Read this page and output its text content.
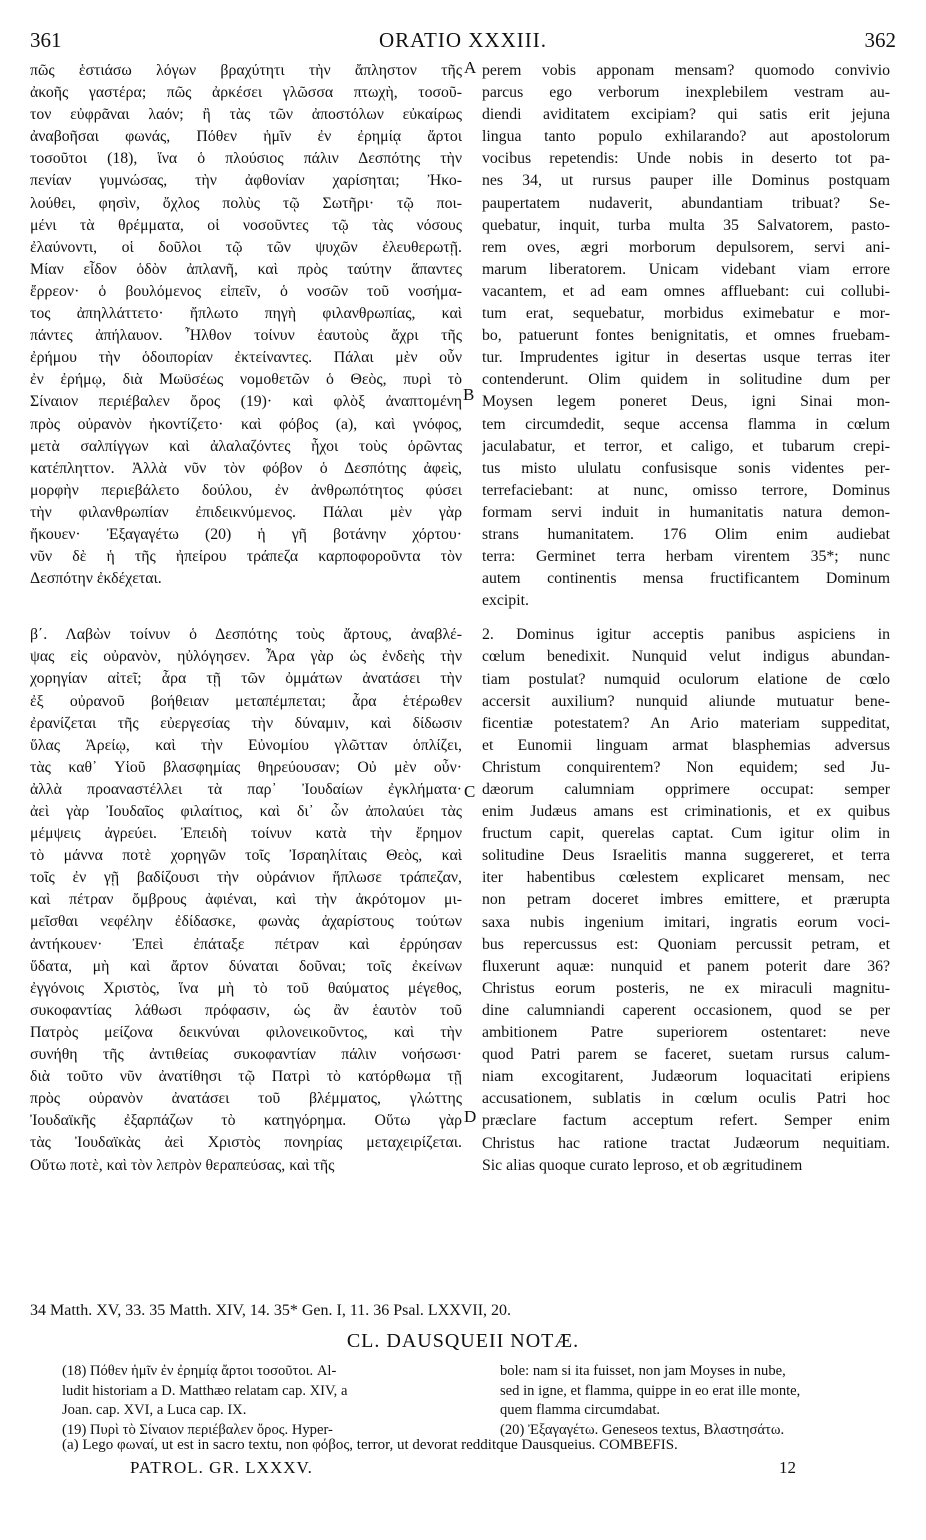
361	ORATIO XXXIII.	362
πῶς ἑστιάσω λόγων βραχύτητι τὴν ἄπληστον τῆς
ἀκοῆς γαστέρα; πῶς ἀρκέσει γλῶσσα πτωχὴ, τοσοῦ-
τον εὐφρᾶναι λαόν; ἢ τὰς τῶν ἀποστόλων εὐκαίρως
ἀναβοῆσαι φωνάς, Πόθεν ἡμῖν ἐν ἐρημίᾳ ἄρτοι
τοσοῦτοι (18), ἵνα ὁ πλούσιος πάλιν Δεσπότης τὴν
πενίαν γυμνώσας, τὴν ἀφθονίαν χαρίσηται; Ἠκο-
λούθει, φησὶν, ὄχλος πολὺς τῷ Σωτῆρι· τῷ ποι-
μένι τὰ θρέμματα, οἱ νοσοῦντες τῷ τὰς νόσους
ἐλαύνοντι, οἱ δοῦλοι τῷ τῶν ψυχῶν ἐλευθερωτῇ.
Μίαν εἶδον ὁδὸν ἀπλανῆ, καὶ πρὸς ταύτην ἅπαντες
ἔρρεον· ὁ βουλόμενος εἰπεῖν, ὁ νοσῶν τοῦ νοσήμα-
τος ἀπηλλάττετο· ἤπλωτο πηγὴ φιλανθρωπίας, καὶ
πάντες ἀπήλαυον. Ἦλθον τοίνυν ἑαυτοὺς ἄχρι τῆς
ἐρήμου τὴν ὁδοιπορίαν ἐκτείναντες. Πάλαι μὲν οὖν
ἐν ἐρήμῳ, διὰ Μωϋσέως νομοθετῶν ὁ Θεὸς, πυρὶ τὸ
Σίναιον περιέβαλεν ὄρος (19)· καὶ φλὸξ ἀναπτομένη
πρὸς οὐρανὸν ἠκοντίζετο· καὶ φόβος (a), καὶ γνόφος,
μετὰ σαλπίγγων καὶ ἀλαλαζόντες ἦχοι τοὺς ὁρῶντας
κατέπληττον. Ἀλλὰ νῦν τὸν φόβον ὁ Δεσπότης ἀφεὶς,
μορφὴν περιεβάλετο δούλου, ἐν ἀνθρωπότητος φύσει
τὴν φιλανθρωπίαν ἐπιδεικνύμενος. Πάλαι μὲν γὰρ
ἤκουεν· Ἐξαγαγέτω (20) ἡ γῆ βοτάνην χόρτου·
νῦν δὲ ἡ τῆς ἠπείρου τράπεζα καρποφοροῦντα τὸν
Δεσπότην ἐκδέχεται.
β΄. Λαβὼν τοίνυν ὁ Δεσπότης τοὺς ἄρτους, ἀναβλέ-
ψας εἰς οὐρανὸν, ηὐλόγησεν. Ἆρα γὰρ ὡς ἐνδεὴς τὴν
χορηγίαν αἰτεῖ; ἆρα τῇ τῶν ὀμμάτων ἀνατάσει τὴν
ἐξ οὐρανοῦ βοήθειαν μεταπέμπεται; ἆρα ἑτέρωθεν
ἐρανίζεται τῆς εὐεργεσίας τὴν δύναμιν, καὶ δίδωσιν
ὕλας Ἀρείῳ, καὶ τὴν Εὐνομίου γλῶτταν ὁπλίζει,
τὰς καθ᾽ Υἱοῦ βλασφημίας θηρεύουσαν; Οὐ μὲν οὖν·
ἀλλὰ προαναστέλλει τὰ παρ᾽ Ἰουδαίων ἐγκλήματα·
ἀεὶ γὰρ Ἰουδαῖος φιλαίτιος, καὶ δι᾽ ὧν ἀπολαύει τὰς
μέμψεις ἀγρεύει. Ἐπειδὴ τοίνυν κατὰ τὴν ἔρημον
τὸ μάννα ποτὲ χορηγῶν τοῖς Ἰσραηλίταις Θεὸς, καὶ
τοῖς ἐν γῇ βαδίζουσι τὴν οὐράνιον ἥπλωσε τράπεζαν,
καὶ πέτραν ὄμβρους ἀφιέναι, καὶ τὴν ἀκρότομον μι-
μεῖσθαι νεφέλην ἐδίδασκε, φωνὰς ἀχαρίστους τούτων
ἀντήκουεν· Ἐπεὶ ἐπάταξε πέτραν καὶ ἐρρύησαν
ὕδατα, μὴ καὶ ἄρτον δύναται δοῦναι; τοῖς ἐκείνων
ἐγγόνοις Χριστὸς, ἵνα μὴ τὸ τοῦ θαύματος μέγεθος,
συκοφαντίας λάθωσι πρόφασιν, ὡς ἂν ἑαυτὸν τοῦ
Πατρὸς μείζονα δεικνύναι φιλονεικοῦντος, καὶ τὴν
συνήθη τῆς ἀντιθείας συκοφαντίαν πάλιν νοήσωσι·
διὰ τοῦτο νῦν ἀνατίθησι τῷ Πατρὶ τὸ κατόρθωμα τῇ
πρὸς οὐρανὸν ἀνατάσει τοῦ βλέμματος, γλώττης
Ἰουδαϊκῆς ἐξαρπάζων τὸ κατηγόρημα. Οὕτω γὰρ
τὰς Ἰουδαϊκὰς ἀεὶ Χριστὸς πονηρίας μεταχειρίζεται.
Οὕτω ποτὲ, καὶ τὸν λεπρὸν θεραπεύσας, καὶ τῆς
perem vobis apponam mensam? quomodo convivio
parcus ego verborum inexplebilem vestram au-
diendi aviditatem excipiam? qui satis erit jejuna
lingua tanto populo exhilarando? aut apostolorum
vocibus repetendis: Unde nobis in deserto tot pa-
nes 34, ut rursus pauper ille Dominus postquam
paupertatem nudaverit, abundantiam tribuat? Se-
quebatur, inquit, turba multa 35 Salvatorem, pasto-
rem oves, ægri morborum depulsorem, servi ani-
marum liberatorem. Unicam videbant viam errore
vacantem, et ad eam omnes affluebant: cui collubi-
tum erat, sequebatur, morbidus eximebatur e mor-
bo, patuerunt fontes benignitatis, et omnes fruebam-
tur. Imprudentes igitur in desertas usque terras iter
contenderunt. Olim quidem in solitudine dum per
Moysen legem poneret Deus, igni Sinai mon-
tem circumdedit, seque accensa flamma in cœlum
jaculabatur, et terror, et caligo, et tubarum crepi-
tus misto ululatu confusisque sonis videntes per-
terrefaciebant: at nunc, omisso terrore, Dominus
formam servi induit in humanitatis natura demon-
strans humanitatem. 176 Olim enim audiebat
terra: Germinet terra herbam virentem 35*; nunc
autem continentis mensa fructificantem Dominum
excipit.
2. Dominus igitur acceptis panibus aspiciens in
cœlum benedixit. Nunquid velut indigus abundan-
tiam postulat? numquid oculorum elatione de cœlo
accersit auxilium? nunquid aliunde mutuatur bene-
ficentiæ potestatem? An Ario materiam suppeditat,
et Eunomii linguam armat blasphemias adversus
Christum conquirentem? Non equidem; sed Ju-
dæorum calumniam opprimere occupat: semper
enim Judæus amans est criminationis, et ex quibus
fructum capit, querelas captat. Cum igitur olim in
solitudine Deus Israelitis manna suggereret, et terra
iter habentibus cœlestem explicaret mensam, nec
non petram doceret imbres emittere, et prærupta
saxa nubis ingenium imitari, ingratis eorum voci-
bus repercussus est: Quoniam percussit petram, et
fluxerunt aquæ: nunquid et panem poterit dare 36?
Christus eorum posteris, ne ex miraculi magnitu-
dine calumniandi caperent occasionem, quod se per
ambitionem Patre superiorem ostentaret: neve
quod Patri parem se faceret, suetam rursus calum-
niam excogitarent, Judæorum loquacitati eripiens
accusationem, sublatis in cœlum oculis Patri hoc
præclare factum acceptum refert. Semper enim
Christus hac ratione tractat Judæorum nequitiam.
Sic alias quoque curato leproso, et ob ægritudinem
A
B
C
D
34 Matth. XV, 33. 35 Matth. XIV, 14. 35* Gen. I, 11. 36 Psal. LXXVII, 20.
CL. DAUSQUEII NOTÆ.
(18) Πόθεν ἡμῖν ἐν ἐρημίᾳ ἄρτοι τοσοῦτοι. Al-
ludit historiam a D. Matthæo relatam cap. XIV, a
Joan. cap. XVI, a Luca cap. IX.
(19) Πυρὶ τὸ Σίναιον περιέβαλεν ὄρος. Hyper-
bole: nam si ita fuisset, non jam Moyses in nube,
sed in igne, et flamma, quippe in eo erat ille monte,
quem flamma circumdabat.
(20) Ἐξαγαγέτω. Geneseos textus, Βλαστησάτω.
(a) Lego φωναί, ut est in sacro textu, non φόβος, terror, ut devorat redditque Dausqueius. COMBEFIS.
PATROL. GR. LXXXV.	12
